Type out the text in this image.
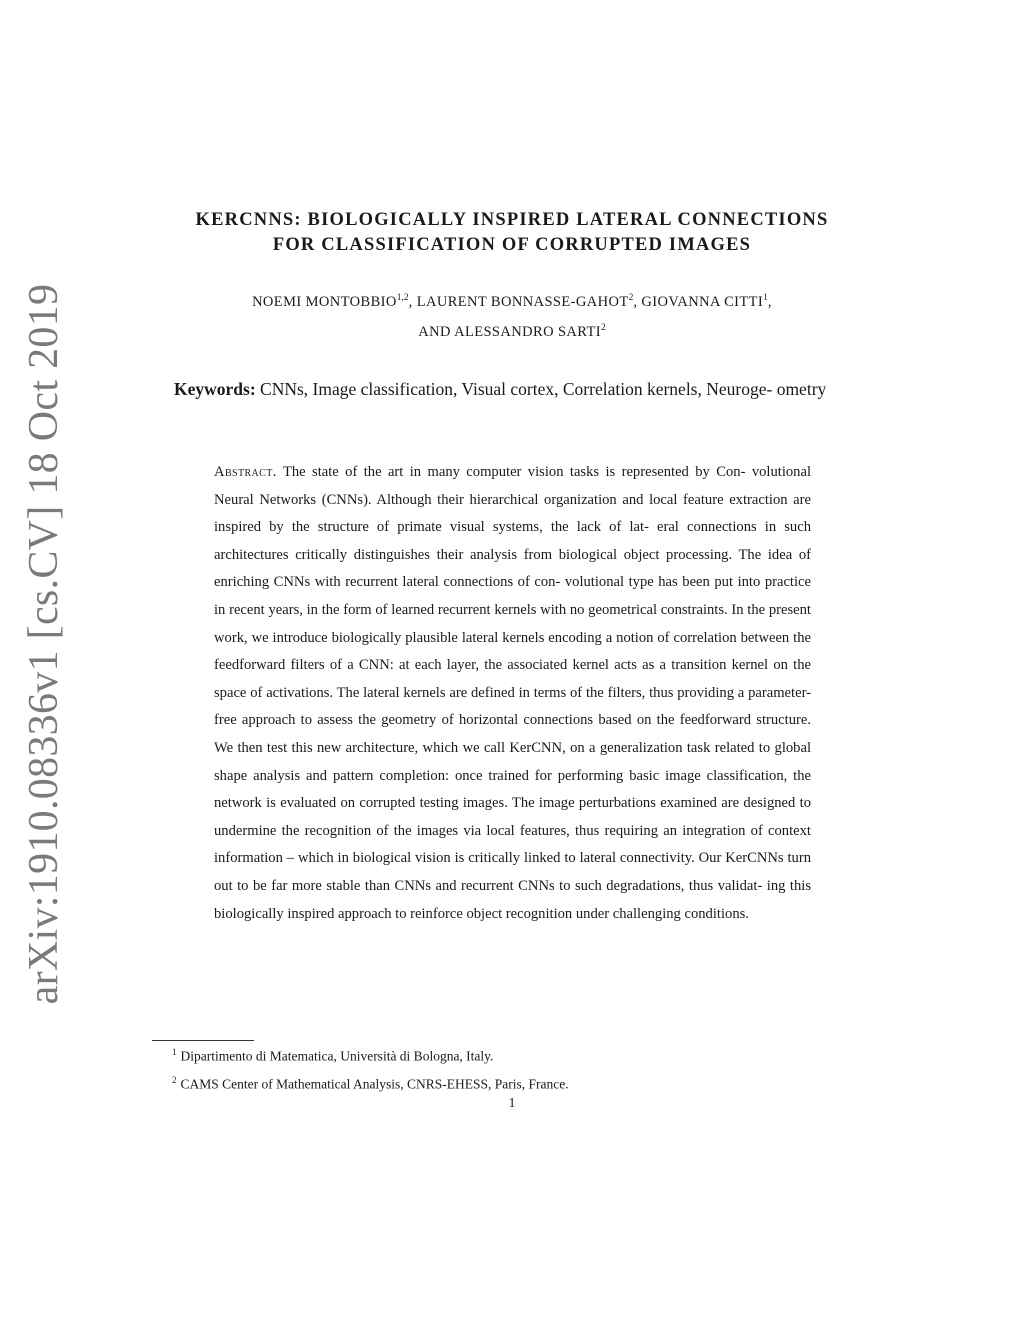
arXiv:1910.08336v1 [cs.CV] 18 Oct 2019
KERCNNS: BIOLOGICALLY INSPIRED LATERAL CONNECTIONS
FOR CLASSIFICATION OF CORRUPTED IMAGES
NOEMI MONTOBBIO$^{1,2}$, LAURENT BONNASSE-GAHOT$^2$, GIOVANNA CITTI$^1$,
AND ALESSANDRO SARTI$^2$
Keywords: CNNs, Image classification, Visual cortex, Correlation kernels, Neuroge- ometry
Abstract. The state of the art in many computer vision tasks is represented by Con- volutional Neural Networks (CNNs). Although their hierarchical organization and local feature extraction are inspired by the structure of primate visual systems, the lack of lat- eral connections in such architectures critically distinguishes their analysis from biological object processing. The idea of enriching CNNs with recurrent lateral connections of con- volutional type has been put into practice in recent years, in the form of learned recurrent kernels with no geometrical constraints. In the present work, we introduce biologically plausible lateral kernels encoding a notion of correlation between the feedforward filters of a CNN: at each layer, the associated kernel acts as a transition kernel on the space of activations. The lateral kernels are defined in terms of the filters, thus providing a parameter-free approach to assess the geometry of horizontal connections based on the feedforward structure. We then test this new architecture, which we call KerCNN, on a generalization task related to global shape analysis and pattern completion: once trained for performing basic image classification, the network is evaluated on corrupted testing images. The image perturbations examined are designed to undermine the recognition of the images via local features, thus requiring an integration of context information – which in biological vision is critically linked to lateral connectivity. Our KerCNNs turn out to be far more stable than CNNs and recurrent CNNs to such degradations, thus validat- ing this biologically inspired approach to reinforce object recognition under challenging conditions.
$^1$ Dipartimento di Matematica, Università di Bologna, Italy.
$^2$ CAMS Center of Mathematical Analysis, CNRS-EHESS, Paris, France.
1
